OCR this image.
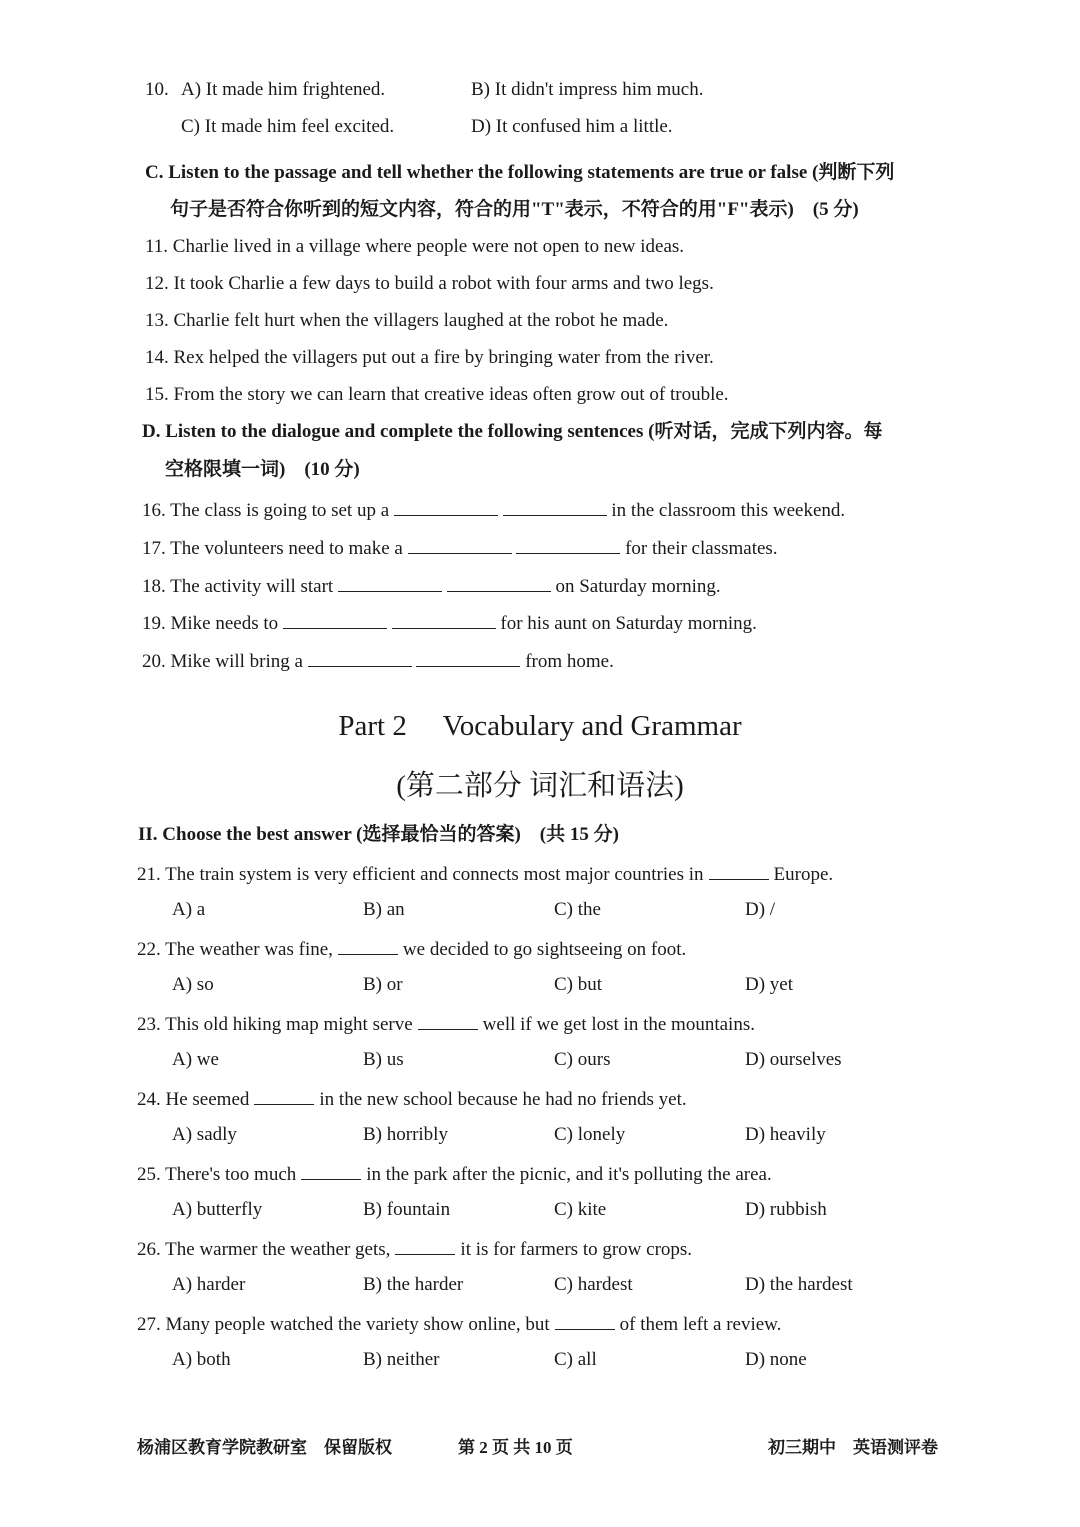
10. A) It made him frightened.	B) It didn't impress him much.
C) It made him feel excited.	D) It confused him a little.
C. Listen to the passage and tell whether the following statements are true or false (判断下列
句子是否符合你听到的短文内容，符合的用"T"表示，不符合的用"F"表示)　(5 分)
11. Charlie lived in a village where people were not open to new ideas.
12. It took Charlie a few days to build a robot with four arms and two legs.
13. Charlie felt hurt when the villagers laughed at the robot he made.
14. Rex helped the villagers put out a fire by bringing water from the river.
15. From the story we can learn that creative ideas often grow out of trouble.
D. Listen to the dialogue and complete the following sentences (听对话，完成下列内容。每
空格限填一词)　(10 分)
16. The class is going to set up a	in the classroom this weekend.
17. The volunteers need to make a	for their classmates.
18. The activity will start	on Saturday morning.
19. Mike needs to	for his aunt on Saturday morning.
20. Mike will bring a	from home.
Part 2　 Vocabulary and Grammar
(第二部分 词汇和语法)
II. Choose the best answer (选择最恰当的答案)　(共 15 分)
21. The train system is very efficient and connects most major countries in	Europe.
A) a	B) an	C) the	D) /
22. The weather was fine,	we decided to go sightseeing on foot.
A) so	B) or	C) but	D) yet
23. This old hiking map might serve	well if we get lost in the mountains.
A) we	B) us	C) ours	D) ourselves
24. He seemed	in the new school because he had no friends yet.
A) sadly	B) horribly	C) lonely	D) heavily
25. There's too much	in the park after the picnic, and it's polluting the area.
A) butterfly	B) fountain	C) kite	D) rubbish
26. The warmer the weather gets,	it is for farmers to grow crops.
A) harder	B) the harder	C) hardest	D) the hardest
27. Many people watched the variety show online, but	of them left a review.
A) both	B) neither	C) all	D) none
杨浦区教育学院教研室　保留版权	第 2 页 共 10 页	初三期中　英语测评卷
